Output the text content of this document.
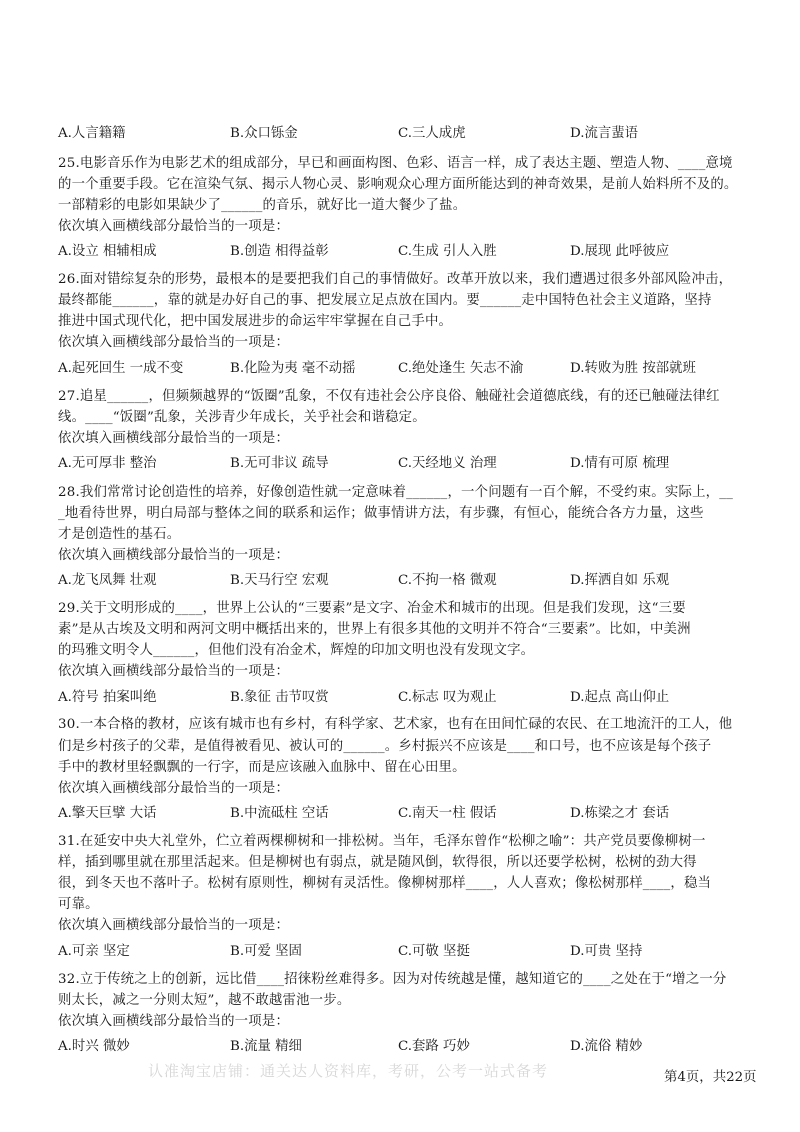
A.人言籍籍	B.众口铄金	C.三人成虎	D.流言蜚语
25.电影音乐作为电影艺术的组成部分，早已和画面构图、色彩、语言一样，成了表达主题、塑造人物、____意境
的一个重要手段。它在渲染气氛、揭示人物心灵、影响观众心理方面所能达到的神奇效果，是前人始料所不及的。
一部精彩的电影如果缺少了______的音乐，就好比一道大餐少了盐。
依次填入画横线部分最恰当的一项是：
A.设立 相辅相成	B.创造 相得益彰	C.生成 引人入胜	D.展现 此呼彼应
26.面对错综复杂的形势，最根本的是要把我们自己的事情做好。改革开放以来，我们遭遇过很多外部风险冲击，
最终都能______，靠的就是办好自己的事、把发展立足点放在国内。要______走中国特色社会主义道路，坚持
推进中国式现代化，把中国发展进步的命运牢牢掌握在自己手中。
依次填入画横线部分最恰当的一项是：
A.起死回生 一成不变	B.化险为夷 毫不动摇	C.绝处逢生 矢志不渝	D.转败为胜 按部就班
27.追星______，但频频越界的“饭圈”乱象，不仅有违社会公序良俗、触碰社会道德底线，有的还已触碰法律红
线。____“饭圈”乱象，关涉青少年成长，关乎社会和谐稳定。
依次填入画横线部分最恰当的一项是：
A.无可厚非 整治	B.无可非议 疏导	C.天经地义 治理	D.情有可原 梳理
28.我们常常讨论创造性的培养，好像创造性就一定意味着______，一个问题有一百个解，不受约束。实际上，__
_地看待世界，明白局部与整体之间的联系和运作；做事情讲方法，有步骤，有恒心，能统合各方力量，这些
才是创造性的基石。
依次填入画横线部分最恰当的一项是：
A.龙飞凤舞 壮观	B.天马行空 宏观	C.不拘一格 微观	D.挥洒自如 乐观
29.关于文明形成的____，世界上公认的“三要素”是文字、冶金术和城市的出现。但是我们发现，这“三要
素”是从古埃及文明和两河文明中概括出来的，世界上有很多其他的文明并不符合“三要素”。比如，中美洲
的玛雅文明令人______，但他们没有冶金术，辉煌的印加文明也没有发现文字。
依次填入画横线部分最恰当的一项是：
A.符号 拍案叫绝	B.象征 击节叹赏	C.标志 叹为观止	D.起点 高山仰止
30.一本合格的教材，应该有城市也有乡村，有科学家、艺术家，也有在田间忙碌的农民、在工地流汗的工人，他
们是乡村孩子的父辈，是值得被看见、被认可的______。乡村振兴不应该是____和口号，也不应该是每个孩子
手中的教材里轻飘飘的一行字，而是应该融入血脉中、留在心田里。
依次填入画横线部分最恰当的一项是：
A.擎天巨擘 大话	B.中流砥柱 空话	C.南天一柱 假话	D.栋梁之才 套话
31.在延安中央大礼堂外，伫立着两棵柳树和一排松树。当年，毛泽东曾作“松柳之喻”：共产党员要像柳树一
样，插到哪里就在那里活起来。但是柳树也有弱点，就是随风倒，软得很，所以还要学松树，松树的劲大得
很，到冬天也不落叶子。松树有原则性，柳树有灵活性。像柳树那样____，人人喜欢；像松树那样____，稳当
可靠。
依次填入画横线部分最恰当的一项是：
A.可亲 坚定	B.可爱 坚固	C.可敬 坚挺	D.可贵 坚持
32.立于传统之上的创新，远比借____招徕粉丝难得多。因为对传统越是懂，越知道它的____之处在于“增之一分
则太长，减之一分则太短”，越不敢越雷池一步。
依次填入画横线部分最恰当的一项是：
A.时兴 微妙	B.流量 精细	C.套路 巧妙	D.流俗 精妙
认准淘宝店铺：通关达人资料库，考研，公考一站式备考	第4页，共22页
